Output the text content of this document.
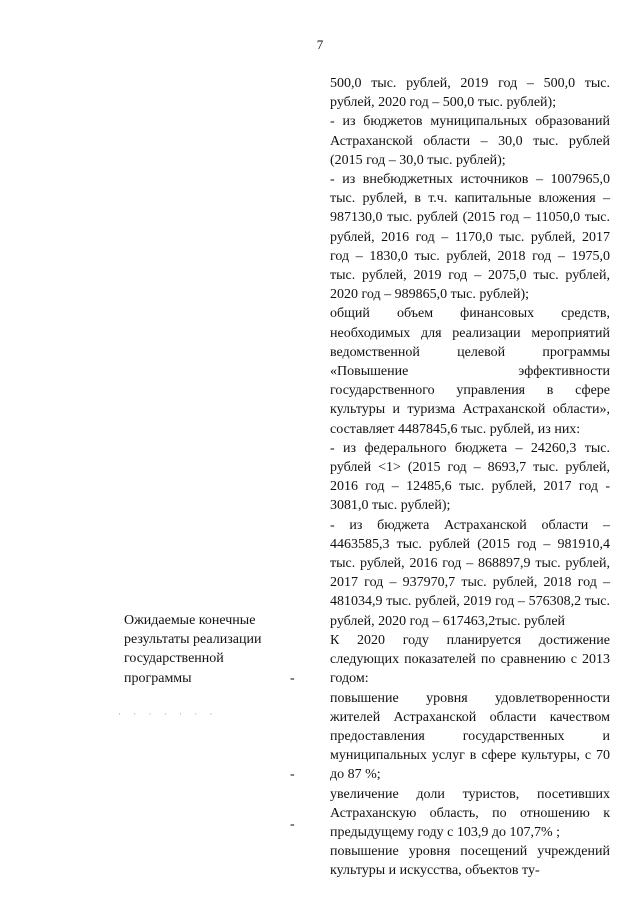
7

500,0 тыс. рублей, 2019 год – 500,0 тыс. рублей, 2020 год – 500,0 тыс. рублей);

- из бюджетов муниципальных образований Астраханской области – 30,0 тыс. рублей (2015 год – 30,0 тыс. рублей);

- из внебюджетных источников – 1007965,0 тыс. рублей, в т.ч. капитальные вложения – 987130,0 тыс. рублей (2015 год – 11050,0 тыс. рублей, 2016 год – 1170,0 тыс. рублей, 2017 год – 1830,0 тыс. рублей, 2018 год – 1975,0 тыс. рублей, 2019 год – 2075,0 тыс. рублей, 2020 год – 989865,0 тыс. рублей);

общий объем финансовых средств, необходимых для реализации мероприятий ведомственной целевой программы «Повышение эффективности государственного управления в сфере культуры и туризма Астраханской области», составляет 4487845,6 тыс. рублей, из них:

- из федерального бюджета – 24260,3 тыс. рублей <1> (2015 год – 8693,7 тыс. рублей, 2016 год – 12485,6 тыс. рублей, 2017 год - 3081,0 тыс. рублей);

- из бюджета Астраханской области – 4463585,3 тыс. рублей (2015 год – 981910,4 тыс. рублей, 2016 год – 868897,9 тыс. рублей, 2017 год – 937970,7 тыс. рублей, 2018 год – 481034,9 тыс. рублей, 2019 год – 576308,2 тыс. рублей, 2020 год – 617463,2тыс. рублей

К 2020 году планируется достижение следующих показателей по сравнению с 2013 годом:

повышение уровня удовлетворенности жителей Астраханской области качеством предоставления государственных и муниципальных услуг в сфере культуры, с 70 до 87 %;

увеличение доли туристов, посетивших Астраханскую область, по отношению к предыдущему году с 103,9 до 107,7% ;

повышение уровня посещений учреждений культуры и искусства, объектов ту-

Ожидаемые конечные результаты реализации государственной программы	-
-
-
· · · · · · ·
